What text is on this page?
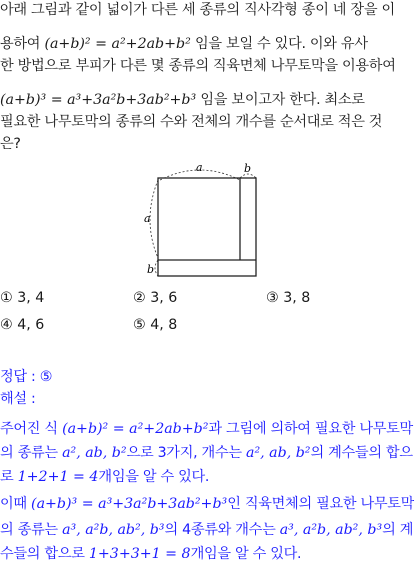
아래 그림과 같이 넓이가 다른 세 종류의 직사각형 종이 네 장을 이
용하여 (a+b)² = a²+2ab+b² 임을 보일 수 있다. 이와 유사
한 방법으로 부피가 다른 몇 종류의 직육면체 나무토막을 이용하여
(a+b)³ = a³+3a²b+3ab²+b³ 임을 보이고자 한다. 최소로
필요한 나무토막의 종류의 수와 전체의 개수를 순서대로 적은 것
은?
a	b
a
b
① 3, 4	② 3, 6	③ 3, 8
④ 4, 6	⑤ 4, 8
정답 : ⑤
해설 :
주어진 식 (a+b)² = a²+2ab+b²과 그림에 의하여 필요한 나무토막
의 종류는 a², ab, b²으로 3가지, 개수는 a², ab, b²의 계수들의 합으
로 1+2+1 = 4개임을 알 수 있다.
이때 (a+b)³ = a³+3a²b+3ab²+b³인 직육면체의 필요한 나무토막
의 종류는 a³, a²b, ab², b³의 4종류와 개수는 a³, a²b, ab², b³의 계
수들의 합으로 1+3+3+1 = 8개임을 알 수 있다.
